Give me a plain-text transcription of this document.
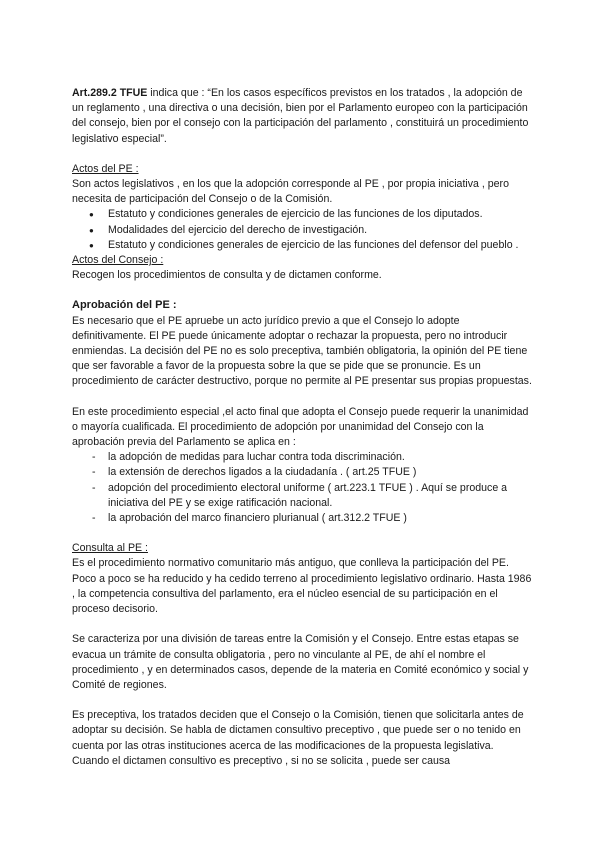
Art.289.2 TFUE indica que : “En los casos específicos previstos en los tratados , la adopción de un reglamento , una directiva o una decisión, bien por el Parlamento europeo con la participación del consejo, bien por el consejo con la participación del parlamento , constituirá un procedimiento legislativo especial”.

Actos del PE :

Son actos legislativos , en los que la adopción corresponde al PE , por propia iniciativa , pero necesita de participación del Consejo o de la Comisión.

● Estatuto y condiciones generales de ejercicio de las funciones de los diputados.
● Modalidades del ejercicio del derecho de investigación.
● Estatuto y condiciones generales de ejercicio de las funciones del defensor del pueblo .

Actos del Consejo :

Recogen los procedimientos de consulta y de dictamen conforme.

Aprobación del PE :

Es necesario que el PE apruebe un acto jurídico previo a que el Consejo lo adopte definitivamente. El PE puede únicamente adoptar o rechazar la propuesta, pero no introducir enmiendas. La decisión del PE no es solo preceptiva, también obligatoria, la opinión del PE tiene que ser favorable a favor de la propuesta sobre la que se pide que se pronuncie. Es un procedimiento de carácter destructivo, porque no permite al PE presentar sus propias propuestas.

En este procedimiento especial ,el acto final que adopta el Consejo puede requerir la unanimidad o mayoría cualificada. El procedimiento de adopción por unanimidad del Consejo con la aprobación previa del Parlamento se aplica en :

- la adopción de medidas para luchar contra toda discriminación.
- la extensión de derechos ligados a la ciudadanía . ( art.25 TFUE )
- adopción del procedimiento electoral uniforme ( art.223.1 TFUE ) . Aquí se produce a iniciativa del PE y se exige ratificación nacional.
- la aprobación del marco financiero plurianual ( art.312.2 TFUE )

Consulta al PE :

Es el procedimiento normativo comunitario más antiguo, que conlleva la participación del PE. Poco a poco se ha reducido y ha cedido terreno al procedimiento legislativo ordinario. Hasta 1986 , la competencia consultiva del parlamento, era el núcleo esencial de su participación en el proceso decisorio.

Se caracteriza por una división de tareas entre la Comisión y el Consejo. Entre estas etapas se evacua un trámite de consulta obligatoria , pero no vinculante al PE, de ahí el nombre el procedimiento , y en determinados casos, depende de la materia en Comité económico y social y Comité de regiones.

Es preceptiva, los tratados deciden que el Consejo o la Comisión, tienen que solicitarla antes de adoptar su decisión. Se habla de dictamen consultivo preceptivo , que puede ser o no tenido en cuenta por las otras instituciones acerca de las modificaciones de la propuesta legislativa. Cuando el dictamen consultivo es preceptivo , si no se solicita , puede ser causa
